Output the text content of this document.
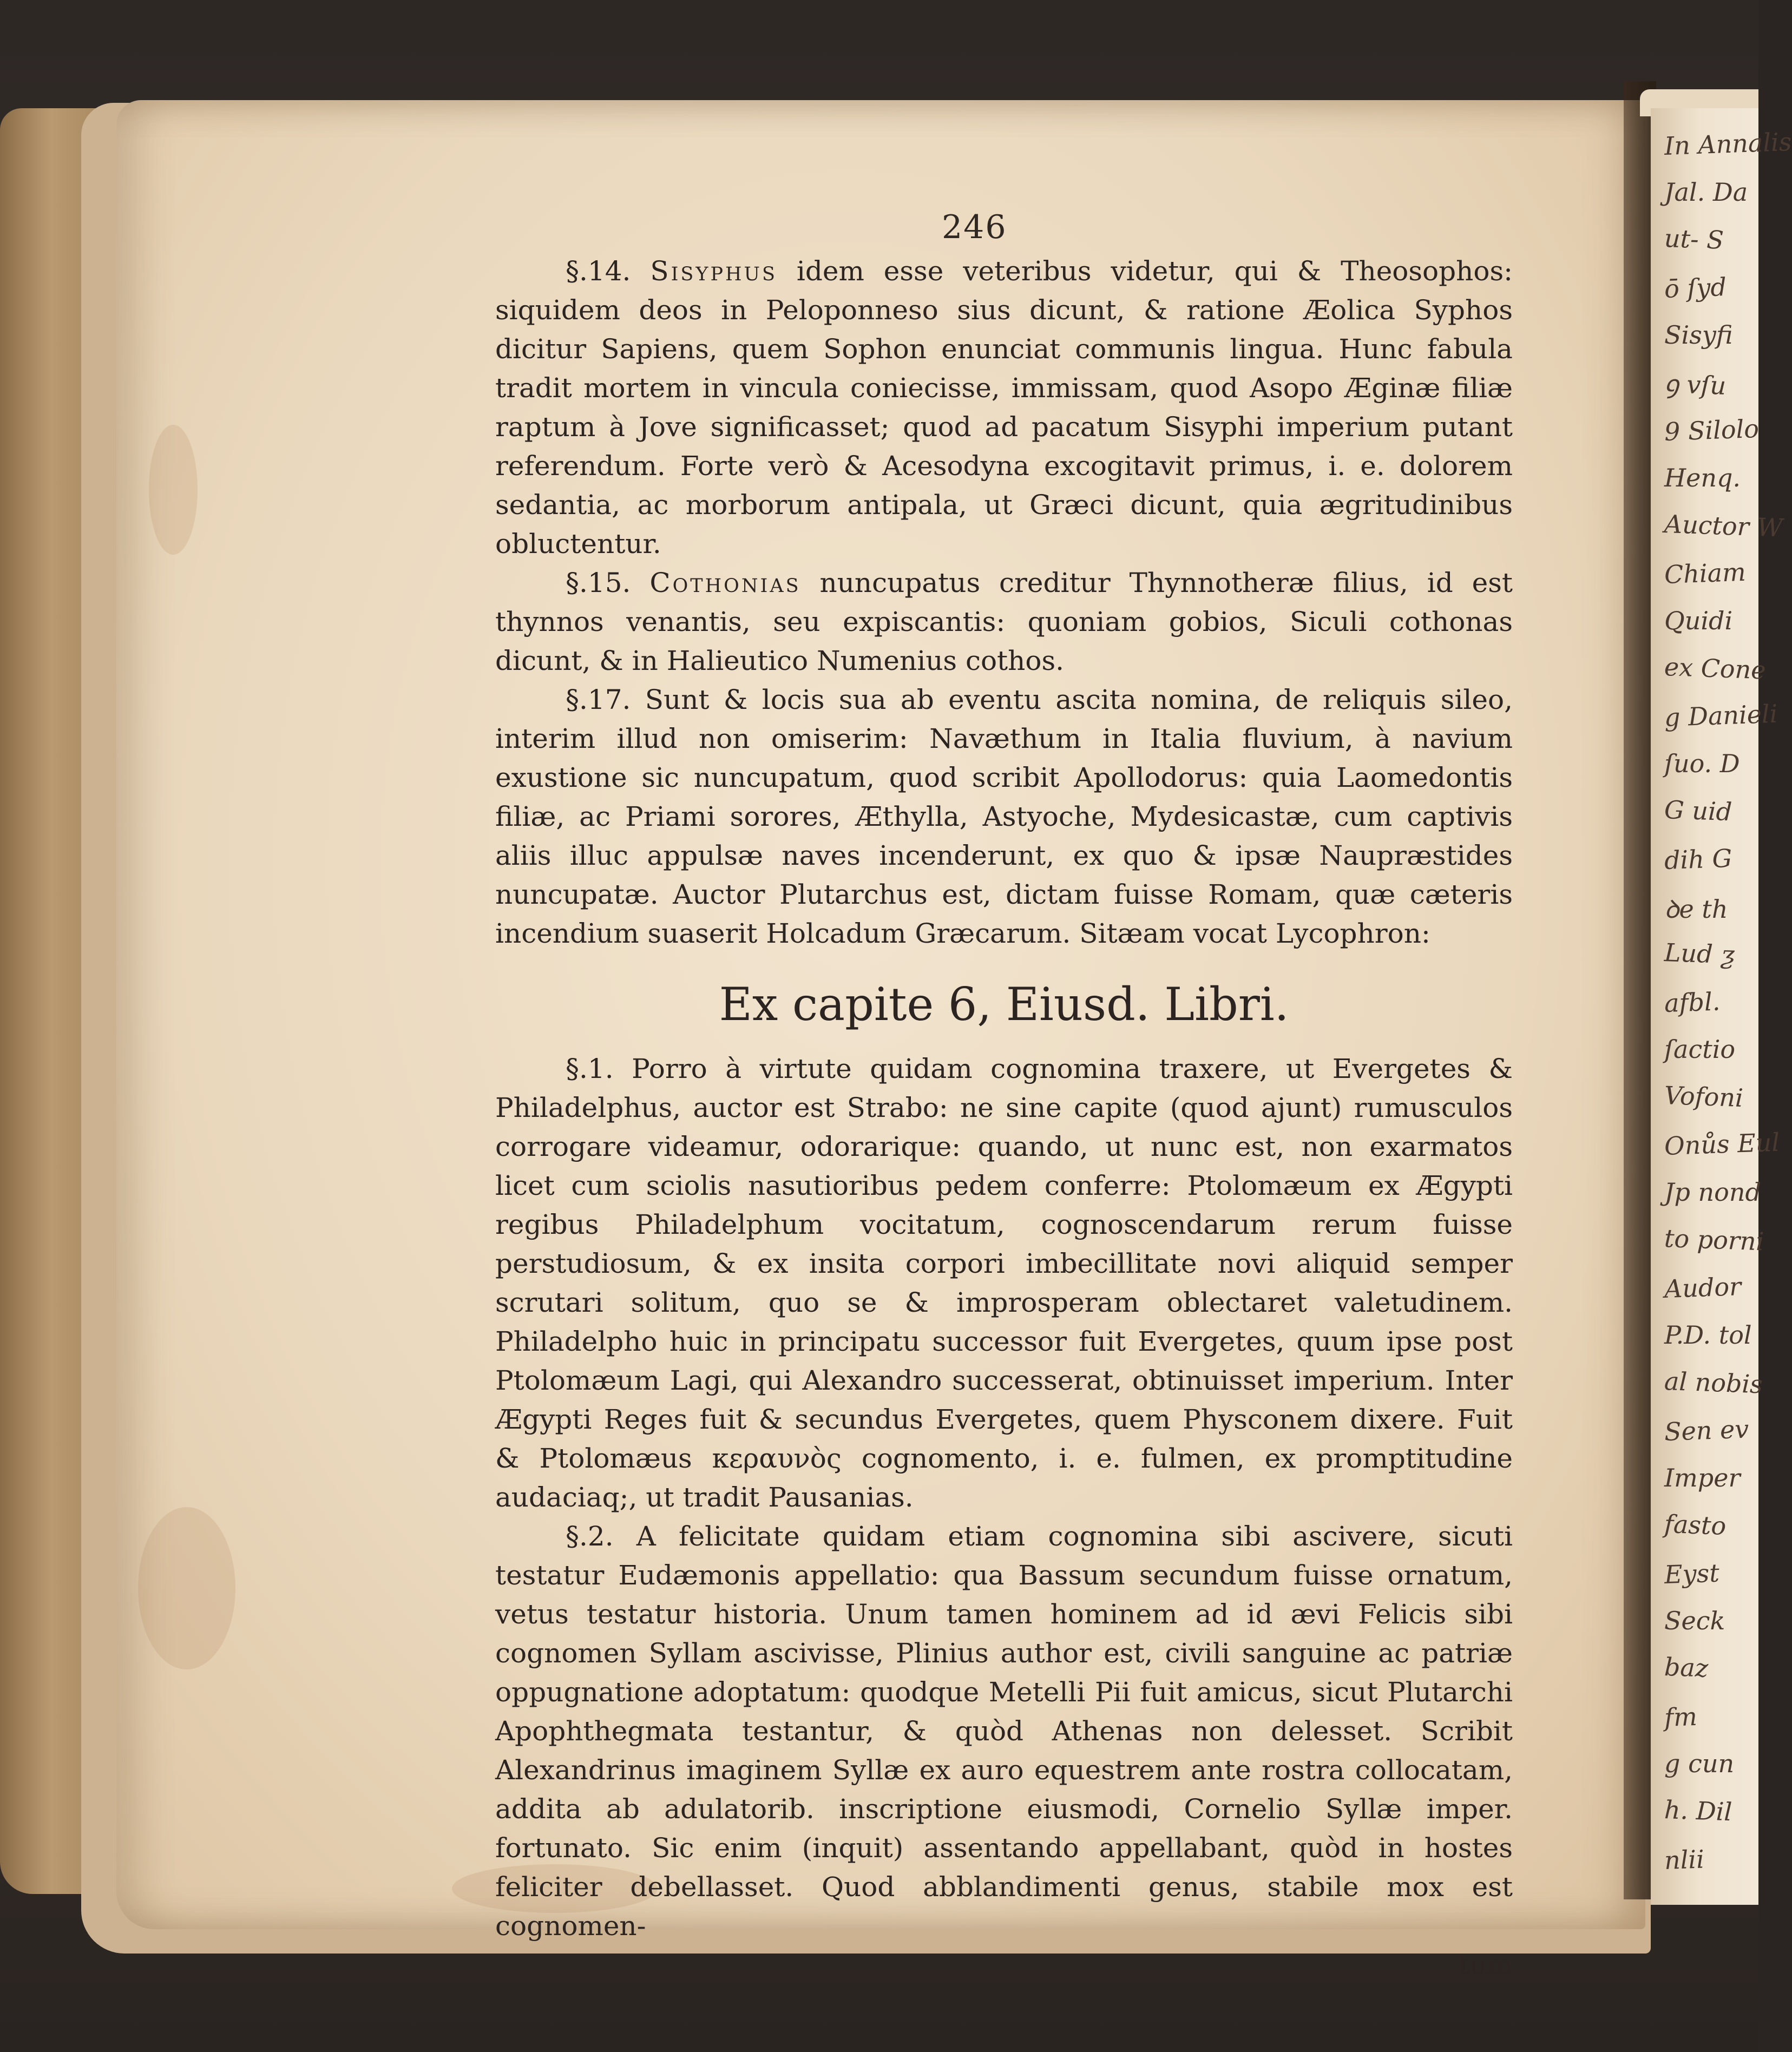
In Annalis
Jal. Da
ut- S
ō ſyd
Sisyfi
ꝯ vſu
9 Silolo
Henq.
Auctor W
Chiam
Quidi
ex Cone
g Danieli
ſuo. D
G uid
dih G
ꝺe th
Lud ƺ
afbl.
ſactio
Vofoni
Onůs Eul
Jp nond
to porni
Audor
P.D. tol
al nobis
Sen ev
Imper
fasto
Eyst
Seck
baz
fm
g cun
h. Dil
nlii
246

§.14. Sisyphus idem esse veteribus videtur, qui & Theosophos: siquidem deos in Peloponneso sius dicunt, & ratione Æolica Syphos dicitur Sapiens, quem Sophon enunciat communis lingua. Hunc fabula tradit mortem in vincula coniecisse, immissam, quod Asopo Æginæ filiæ raptum à Jove significasset; quod ad pacatum Sisyphi imperium putant referendum. Forte verò & Acesodyna excogitavit primus, i. e. dolorem sedantia, ac morborum antipala, ut Græci dicunt, quia ægritudinibus obluctentur.

§.15. Cothonias nuncupatus creditur Thynnotheræ filius, id est thynnos venantis, seu expiscantis: quoniam gobios, Siculi cothonas dicunt, & in Halieutico Numenius cothos.

§.17. Sunt & locis sua ab eventu ascita nomina, de reliquis sileo, interim illud non omiserim: Navæthum in Italia fluvium, à navium exustione sic nuncupatum, quod scribit Apollodorus: quia Laomedontis filiæ, ac Priami sorores, Æthylla, Astyoche, Mydesicastæ, cum captivis aliis illuc appulsæ naves incenderunt, ex quo & ipsæ Naupræstides nuncupatæ. Auctor Plutarchus est, dictam fuisse Romam, quæ cæteris incendium suaserit Holcadum Græcarum. Sitæam vocat Lycophron:

Ex capite 6, Eiusd. Libri.

§.1. Porro à virtute quidam cognomina traxere, ut Evergetes & Philadelphus, auctor est Strabo: ne sine capite (quod ajunt) rumusculos corrogare videamur, odorarique: quando, ut nunc est, non exarmatos licet cum sciolis nasutioribus pedem conferre: Ptolomæum ex Ægypti regibus Philadelphum vocitatum, cognoscendarum rerum fuisse perstudiosum, & ex insita corpori imbecillitate novi aliquid semper scrutari solitum, quo se & improsperam oblectaret valetudinem. Philadelpho huic in principatu successor fuit Evergetes, quum ipse post Ptolomæum Lagi, qui Alexandro successerat, obtinuisset imperium. Inter Ægypti Reges fuit & secundus Evergetes, quem Physconem dixere. Fuit & Ptolomæus κεραυνὸς cognomento, i. e. fulmen, ex promptitudine audaciaq;, ut tradit Pausanias.

§.2. A felicitate quidam etiam cognomina sibi ascivere, sicuti testatur Eudæmonis appellatio: qua Bassum secundum fuisse ornatum, vetus testatur historia. Unum tamen hominem ad id ævi Felicis sibi cognomen Syllam ascivisse, Plinius author est, civili sanguine ac patriæ oppugnatione adoptatum: quodque Metelli Pii fuit amicus, sicut Plutarchi Apophthegmata testantur, & quòd Athenas non delesset. Scribit Alexandrinus imaginem Syllæ ex auro equestrem ante rostra collocatam, addita ab adulatorib. inscriptione eiusmodi, Cornelio Syllæ imper. fortunato. Sic enim (inquit) assentando appellabant, quòd in hostes feliciter debellasset. Quod abblandimenti genus, stabile mox est cognomen-

tum
